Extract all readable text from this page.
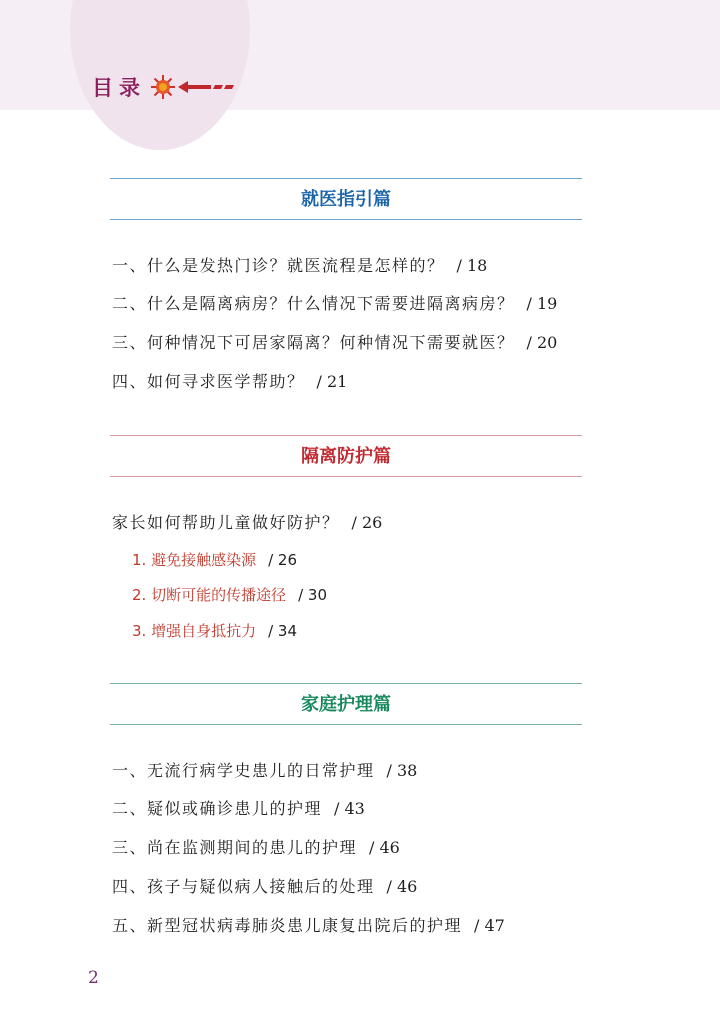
目录
就医指引篇
一、什么是发热门诊？就医流程是怎样的？ / 18
二、什么是隔离病房？什么情况下需要进隔离病房？ / 19
三、何种情况下可居家隔离？何种情况下需要就医？ / 20
四、如何寻求医学帮助？ / 21
隔离防护篇
家长如何帮助儿童做好防护？ / 26
1. 避免接触感染源 / 26
2. 切断可能的传播途径 / 30
3. 增强自身抵抗力 / 34
家庭护理篇
一、无流行病学史患儿的日常护理 / 38
二、疑似或确诊患儿的护理 / 43
三、尚在监测期间的患儿的护理 / 46
四、孩子与疑似病人接触后的处理 / 46
五、新型冠状病毒肺炎患儿康复出院后的护理 / 47
2
